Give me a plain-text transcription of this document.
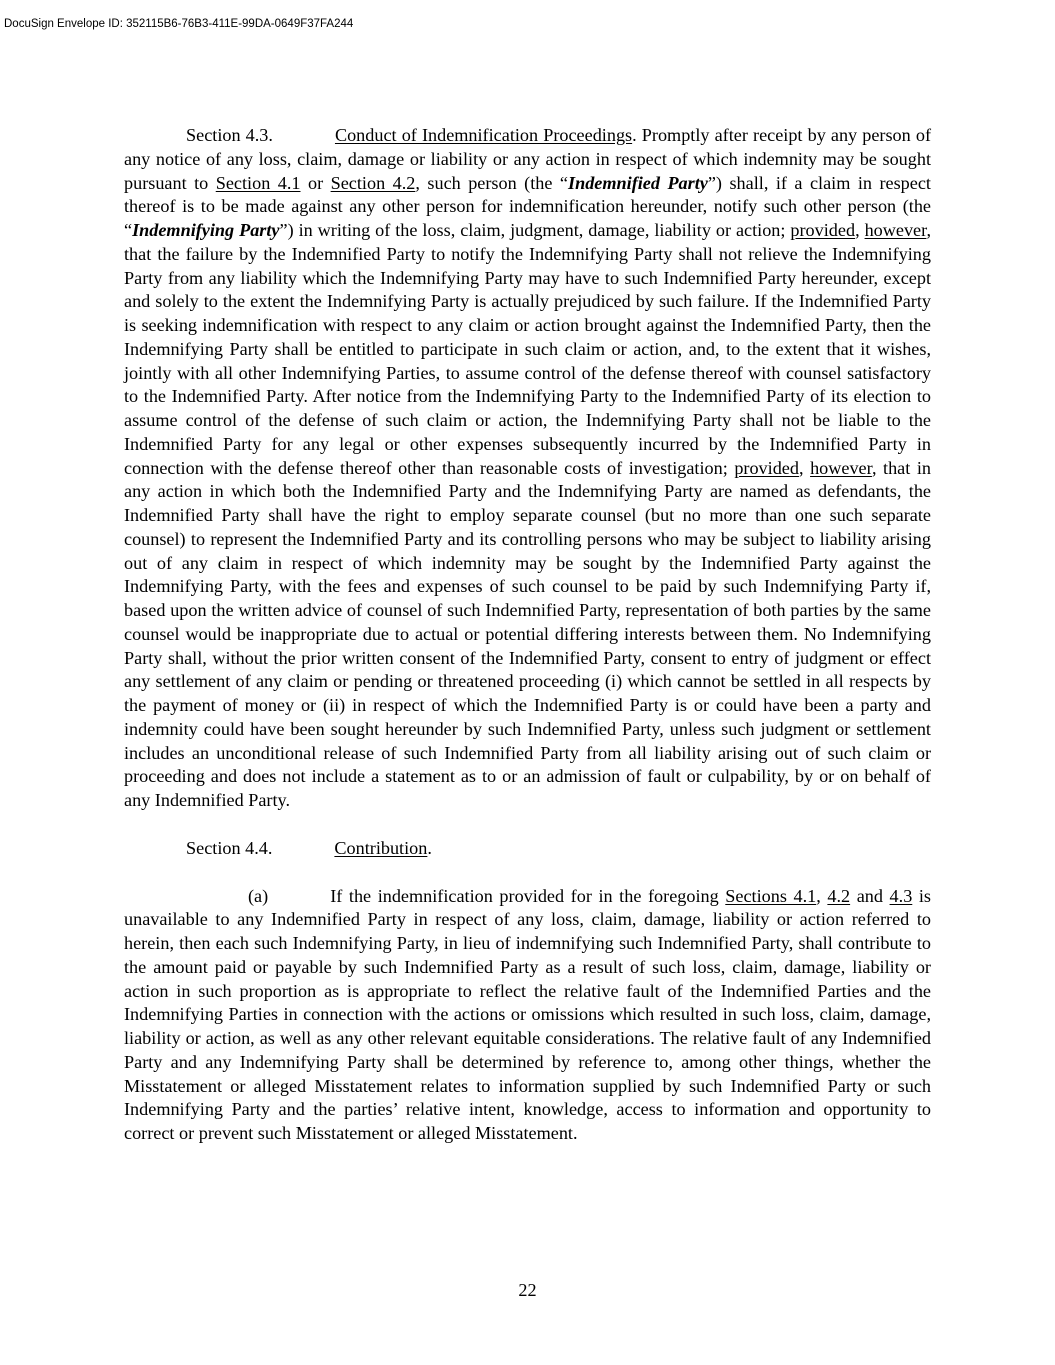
DocuSign Envelope ID: 352115B6-76B3-411E-99DA-0649F37FA244

Section 4.3.	Conduct of Indemnification Proceedings. Promptly after receipt by any person of any notice of any loss, claim, damage or liability or any action in respect of which indemnity may be sought pursuant to Section 4.1 or Section 4.2, such person (the “Indemnified Party”) shall, if a claim in respect thereof is to be made against any other person for indemnification hereunder, notify such other person (the “Indemnifying Party”) in writing of the loss, claim, judgment, damage, liability or action; provided, however, that the failure by the Indemnified Party to notify the Indemnifying Party shall not relieve the Indemnifying Party from any liability which the Indemnifying Party may have to such Indemnified Party hereunder, except and solely to the extent the Indemnifying Party is actually prejudiced by such failure. If the Indemnified Party is seeking indemnification with respect to any claim or action brought against the Indemnified Party, then the Indemnifying Party shall be entitled to participate in such claim or action, and, to the extent that it wishes, jointly with all other Indemnifying Parties, to assume control of the defense thereof with counsel satisfactory to the Indemnified Party. After notice from the Indemnifying Party to the Indemnified Party of its election to assume control of the defense of such claim or action, the Indemnifying Party shall not be liable to the Indemnified Party for any legal or other expenses subsequently incurred by the Indemnified Party in connection with the defense thereof other than reasonable costs of investigation; provided, however, that in any action in which both the Indemnified Party and the Indemnifying Party are named as defendants, the Indemnified Party shall have the right to employ separate counsel (but no more than one such separate counsel) to represent the Indemnified Party and its controlling persons who may be subject to liability arising out of any claim in respect of which indemnity may be sought by the Indemnified Party against the Indemnifying Party, with the fees and expenses of such counsel to be paid by such Indemnifying Party if, based upon the written advice of counsel of such Indemnified Party, representation of both parties by the same counsel would be inappropriate due to actual or potential differing interests between them. No Indemnifying Party shall, without the prior written consent of the Indemnified Party, consent to entry of judgment or effect any settlement of any claim or pending or threatened proceeding (i) which cannot be settled in all respects by the payment of money or (ii) in respect of which the Indemnified Party is or could have been a party and indemnity could have been sought hereunder by such Indemnified Party, unless such judgment or settlement includes an unconditional release of such Indemnified Party from all liability arising out of such claim or proceeding and does not include a statement as to or an admission of fault or culpability, by or on behalf of any Indemnified Party.

Section 4.4.	Contribution.

(a)	If the indemnification provided for in the foregoing Sections 4.1, 4.2 and 4.3 is unavailable to any Indemnified Party in respect of any loss, claim, damage, liability or action referred to herein, then each such Indemnifying Party, in lieu of indemnifying such Indemnified Party, shall contribute to the amount paid or payable by such Indemnified Party as a result of such loss, claim, damage, liability or action in such proportion as is appropriate to reflect the relative fault of the Indemnified Parties and the Indemnifying Parties in connection with the actions or omissions which resulted in such loss, claim, damage, liability or action, as well as any other relevant equitable considerations. The relative fault of any Indemnified Party and any Indemnifying Party shall be determined by reference to, among other things, whether the Misstatement or alleged Misstatement relates to information supplied by such Indemnified Party or such Indemnifying Party and the parties’ relative intent, knowledge, access to information and opportunity to correct or prevent such Misstatement or alleged Misstatement.

22
